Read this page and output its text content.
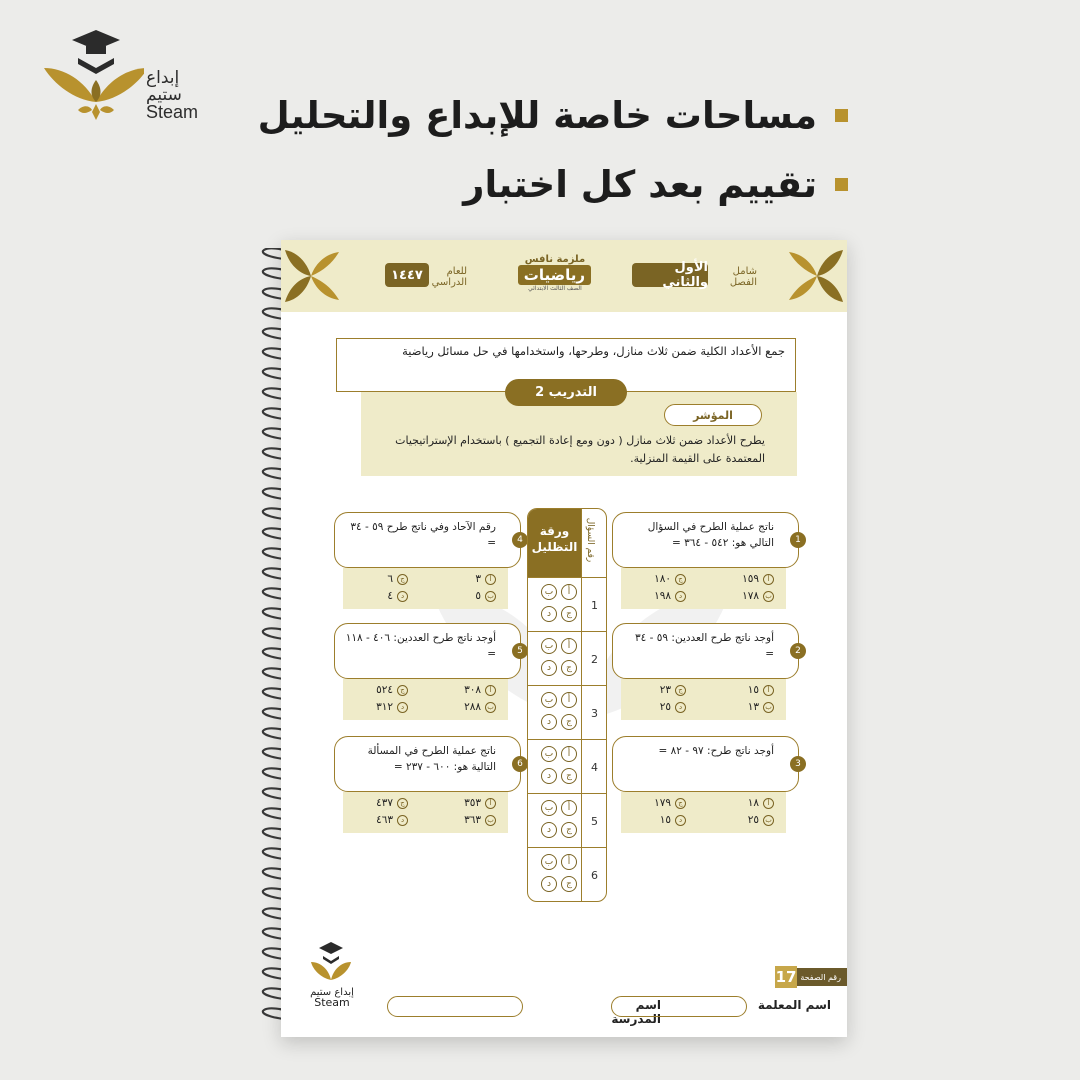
إبداع ستيم
Steam مساحات خاصة للإبداع والتحليل
تقييم بعد كل اختبار
للعام الدراسي
١٤٤٧
ملزمة نافس
رياضيات
الصف الثالث الابتدائي
الأول والثاني
شامل الفصل
جمع الأعداد الكلية ضمن ثلاث منازل، وطرحها، واستخدامها في حل مسائل رياضية
التدريب 2
المؤشر
يطرح الأعداد ضمن ثلاث منازل ( دون ومع إعادة التجميع ) باستخدام الإستراتيجيات المعتمدة على القيمة المنزلية.
ناتج عملية الطرح في السؤال التالي هو: ٥٤٢ - ٣٦٤ =	1
أ
١٥٩
ج
١٨٠
ب
١٧٨
د
١٩٨
أوجد ناتج طرح العددين: ٥٩ - ٣٤ =	2
أ
١٥
ج
٢٣
ب
١٣
د
٢٥
أوجد ناتج طرح: ٩٧ - ٨٢ =
3
أ
١٨
ج
١٧٩
ب
٢٥
د
١٥
رقم الآحاد وفي ناتج طرح ٥٩ - ٣٤ =	4
أ
٣
ج
٦
ب
٥
د
٤
أوجد ناتج طرح العددين: ٤٠٦ - ١١٨ =	5
أ
٣٠٨
ج
٥٢٤
ب
٢٨٨
د
٣١٢
ناتج عملية الطرح في المسألة التالية هو: ٦٠٠ - ٢٣٧ =	6
أ
٣٥٣
ج
٤٣٧
ب
٣٦٣
د
٤٦٣
ورقة التظليل رقم السؤال
أ
ب
ج
د
1
أ
ب
ج
د
2
أ
ب
ج
د
3
أ
ب
ج
د
4
أ
ب
ج
د
5
أ
ب
ج
د
6
رقم الصفحة
17
إبداع ستيم
Steam	اسم المدرسة
اسم المعلمة
